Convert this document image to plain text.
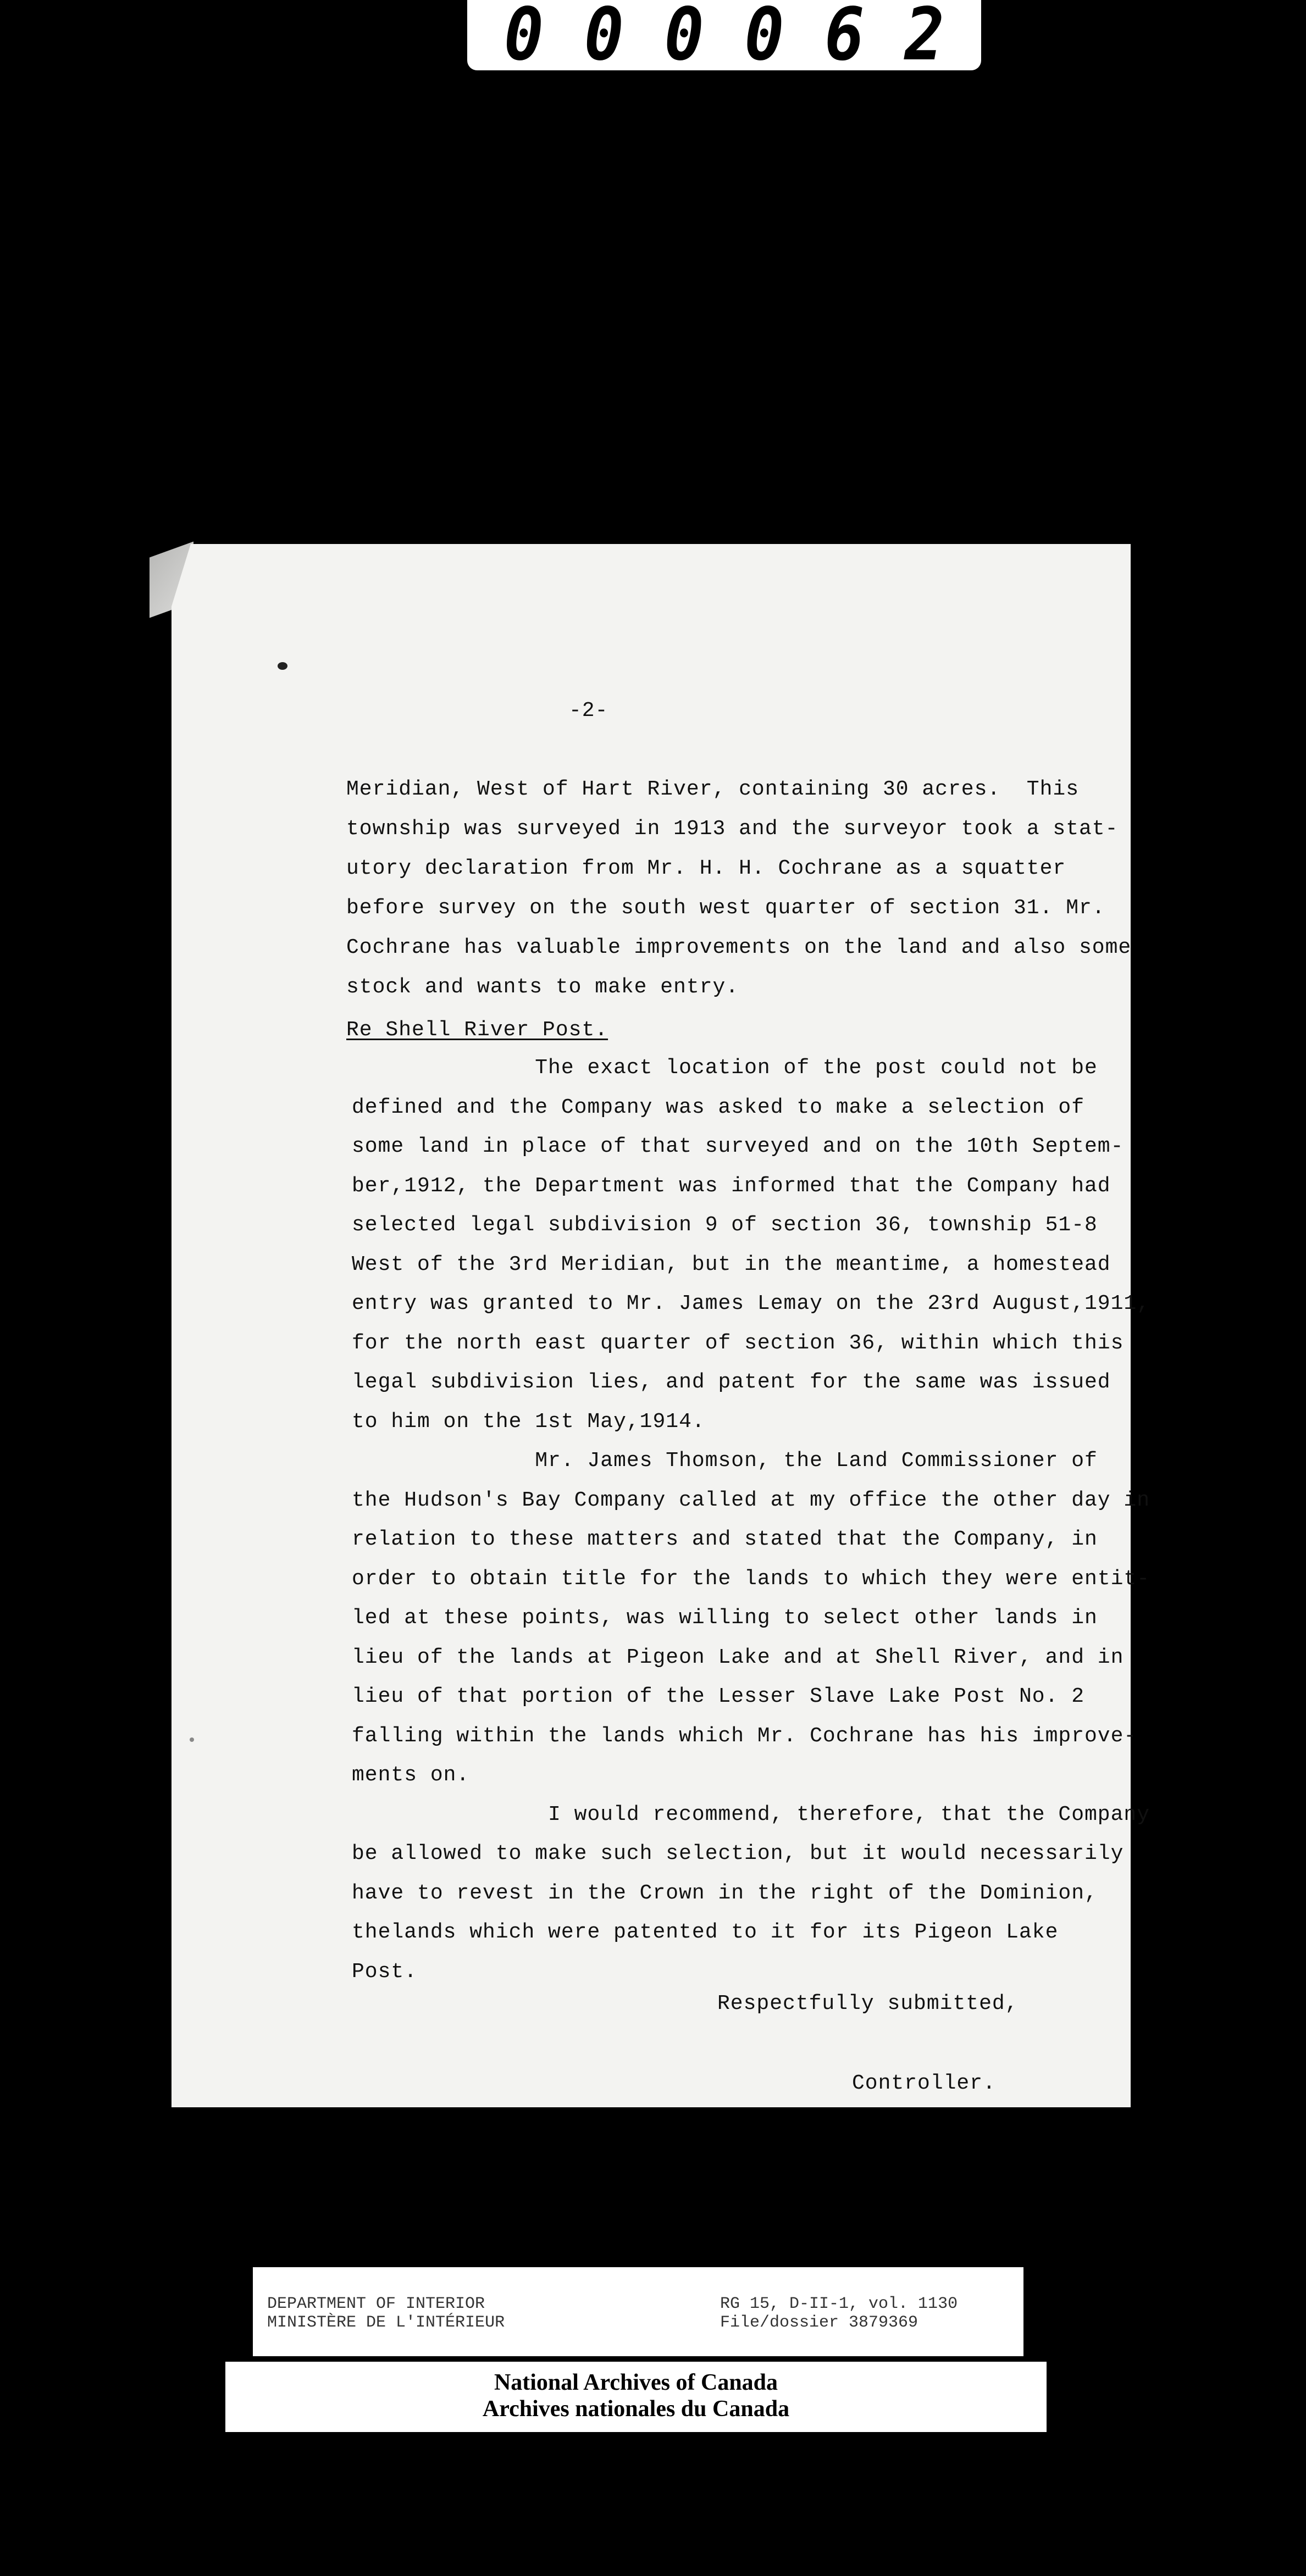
0 0 0 0 6 2
-2-
Meridian, West of Hart River, containing 30 acres.  This
township was surveyed in 1913 and the surveyor took a stat-
utory declaration from Mr. H. H. Cochrane as a squatter
before survey on the south west quarter of section 31. Mr.
Cochrane has valuable improvements on the land and also some
stock and wants to make entry.
Re Shell River Post.
The exact location of the post could not be
defined and the Company was asked to make a selection of
some land in place of that surveyed and on the 10th Septem-
ber,1912, the Department was informed that the Company had
selected legal subdivision 9 of section 36, township 51-8
West of the 3rd Meridian, but in the meantime, a homestead
entry was granted to Mr. James Lemay on the 23rd August,1911,
for the north east quarter of section 36, within which this
legal subdivision lies, and patent for the same was issued
to him on the 1st May,1914.
Mr. James Thomson, the Land Commissioner of
the Hudson's Bay Company called at my office the other day in
relation to these matters and stated that the Company, in
order to obtain title for the lands to which they were entit-
led at these points, was willing to select other lands in
lieu of the lands at Pigeon Lake and at Shell River, and in
lieu of that portion of the Lesser Slave Lake Post No. 2
falling within the lands which Mr. Cochrane has his improve-
ments on.
I would recommend, therefore, that the Company
be allowed to make such selection, but it would necessarily
have to revest in the Crown in the right of the Dominion,
thelands which were patented to it for its Pigeon Lake
Post.
Respectfully submitted,
Controller.
DEPARTMENT OF INTERIOR
MINISTÈRE DE L'INTÉRIEUR
RG 15, D-II-1, vol. 1130
File/dossier 3879369
National Archives of Canada
Archives nationales du Canada
